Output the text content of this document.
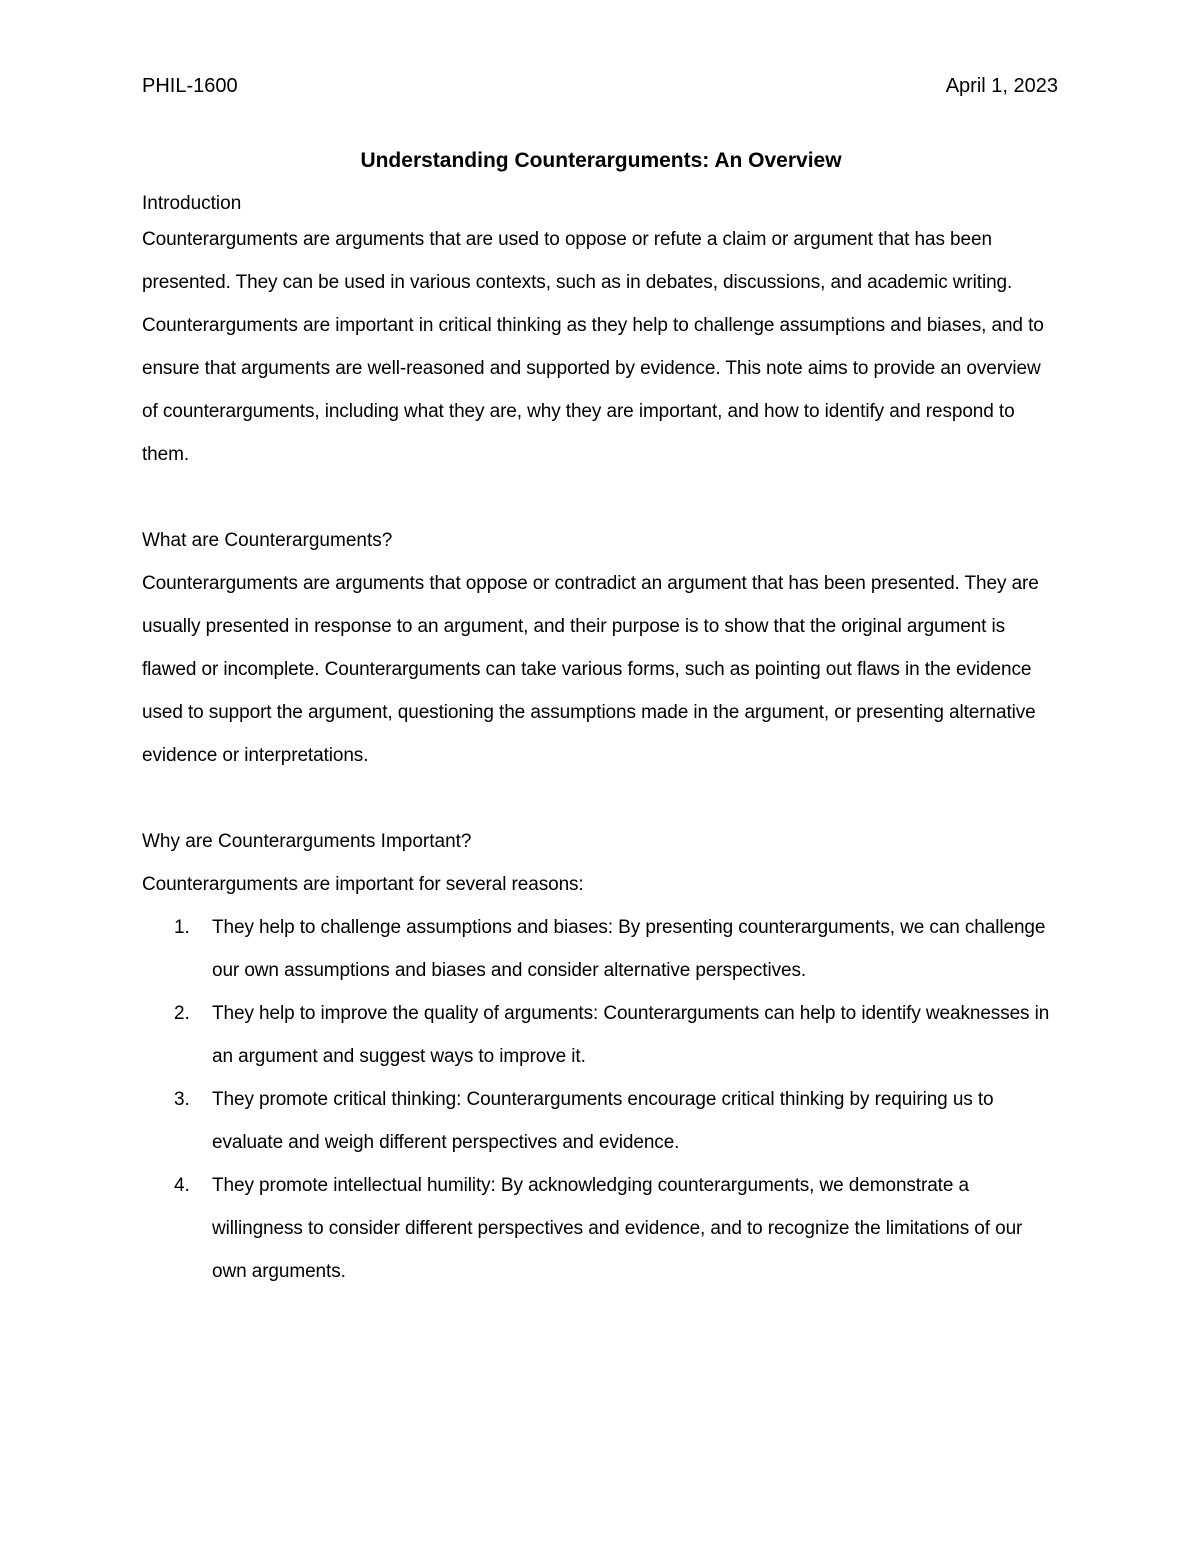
PHIL-1600	April 1, 2023
Understanding Counterarguments: An Overview

Introduction

Counterarguments are arguments that are used to oppose or refute a claim or argument that has been presented. They can be used in various contexts, such as in debates, discussions, and academic writing. Counterarguments are important in critical thinking as they help to challenge assumptions and biases, and to ensure that arguments are well-reasoned and supported by evidence. This note aims to provide an overview of counterarguments, including what they are, why they are important, and how to identify and respond to them.

What are Counterarguments?

Counterarguments are arguments that oppose or contradict an argument that has been presented. They are usually presented in response to an argument, and their purpose is to show that the original argument is flawed or incomplete. Counterarguments can take various forms, such as pointing out flaws in the evidence used to support the argument, questioning the assumptions made in the argument, or presenting alternative evidence or interpretations.

Why are Counterarguments Important?

Counterarguments are important for several reasons:

1. They help to challenge assumptions and biases: By presenting counterarguments, we can challenge our own assumptions and biases and consider alternative perspectives.
2. They help to improve the quality of arguments: Counterarguments can help to identify weaknesses in an argument and suggest ways to improve it.
3. They promote critical thinking: Counterarguments encourage critical thinking by requiring us to evaluate and weigh different perspectives and evidence.
4. They promote intellectual humility: By acknowledging counterarguments, we demonstrate a willingness to consider different perspectives and evidence, and to recognize the limitations of our own arguments.
